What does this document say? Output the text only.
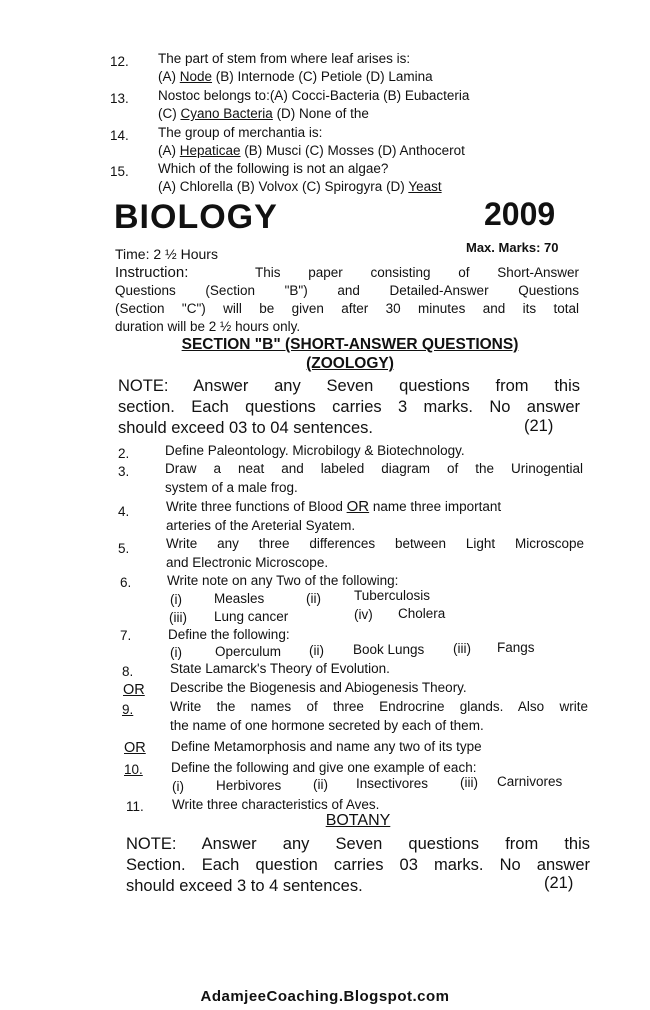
12. The part of stem from where leaf arises is:
(A) Node (B) Internode (C) Petiole (D) Lamina
13. Nostoc belongs to:(A) Cocci-Bacteria (B) Eubacteria
(C) Cyano Bacteria (D) None of the
14. The group of merchantia is:
(A) Hepaticae (B) Musci (C) Mosses (D) Anthocerot
15. Which of the following is not an algae?
(A) Chlorella (B) Volvox (C) Spirogyra (D) Yeast
BIOLOGY	2009
Time: 2 ½ Hours	Max. Marks: 70
Instruction:	This paper consisting of Short-Answer
Questions (Section "B") and Detailed-Answer Questions
(Section "C") will be given after 30 minutes and its total
duration will be 2 ½ hours only.
SECTION "B" (SHORT-ANSWER QUESTIONS)
(ZOOLOGY)
NOTE: Answer any Seven questions from this
section. Each questions carries 3 marks. No answer
should exceed 03 to 04 sentences.	(21)
2.	Define Paleontology. Microbilogy & Biotechnology.
3.	Draw a neat and labeled diagram of the Urinogential
system of a male frog.
4.	Write three functions of Blood OR name three important
arteries of the Areterial Syatem.
5.	Write any three differences between Light Microscope
and Electronic Microscope.
6.	Write note on any Two of the following:
(i) Measles	(ii) Tuberculosis
(iii) Lung cancer	(iv) Cholera
7.	Define the following:
(i) Operculum (ii) Book Lungs (iii) Fangs
8.	State Lamarck's Theory of Evolution.
OR Describe the Biogenesis and Abiogenesis Theory.
9.	Write the names of three Endrocrine glands. Also write
the name of one hormone secreted by each of them.
OR Define Metamorphosis and name any two of its type
10. Define the following and give one example of each:
(i) Herbivores (ii) Insectivores (iii) Carnivores
11. Write three characteristics of Aves.
BOTANY
NOTE: Answer any Seven questions from this
Section. Each question carries 03 marks. No answer
should exceed 3 to 4 sentences.	(21)
AdamjeeCoaching.Blogspot.com
